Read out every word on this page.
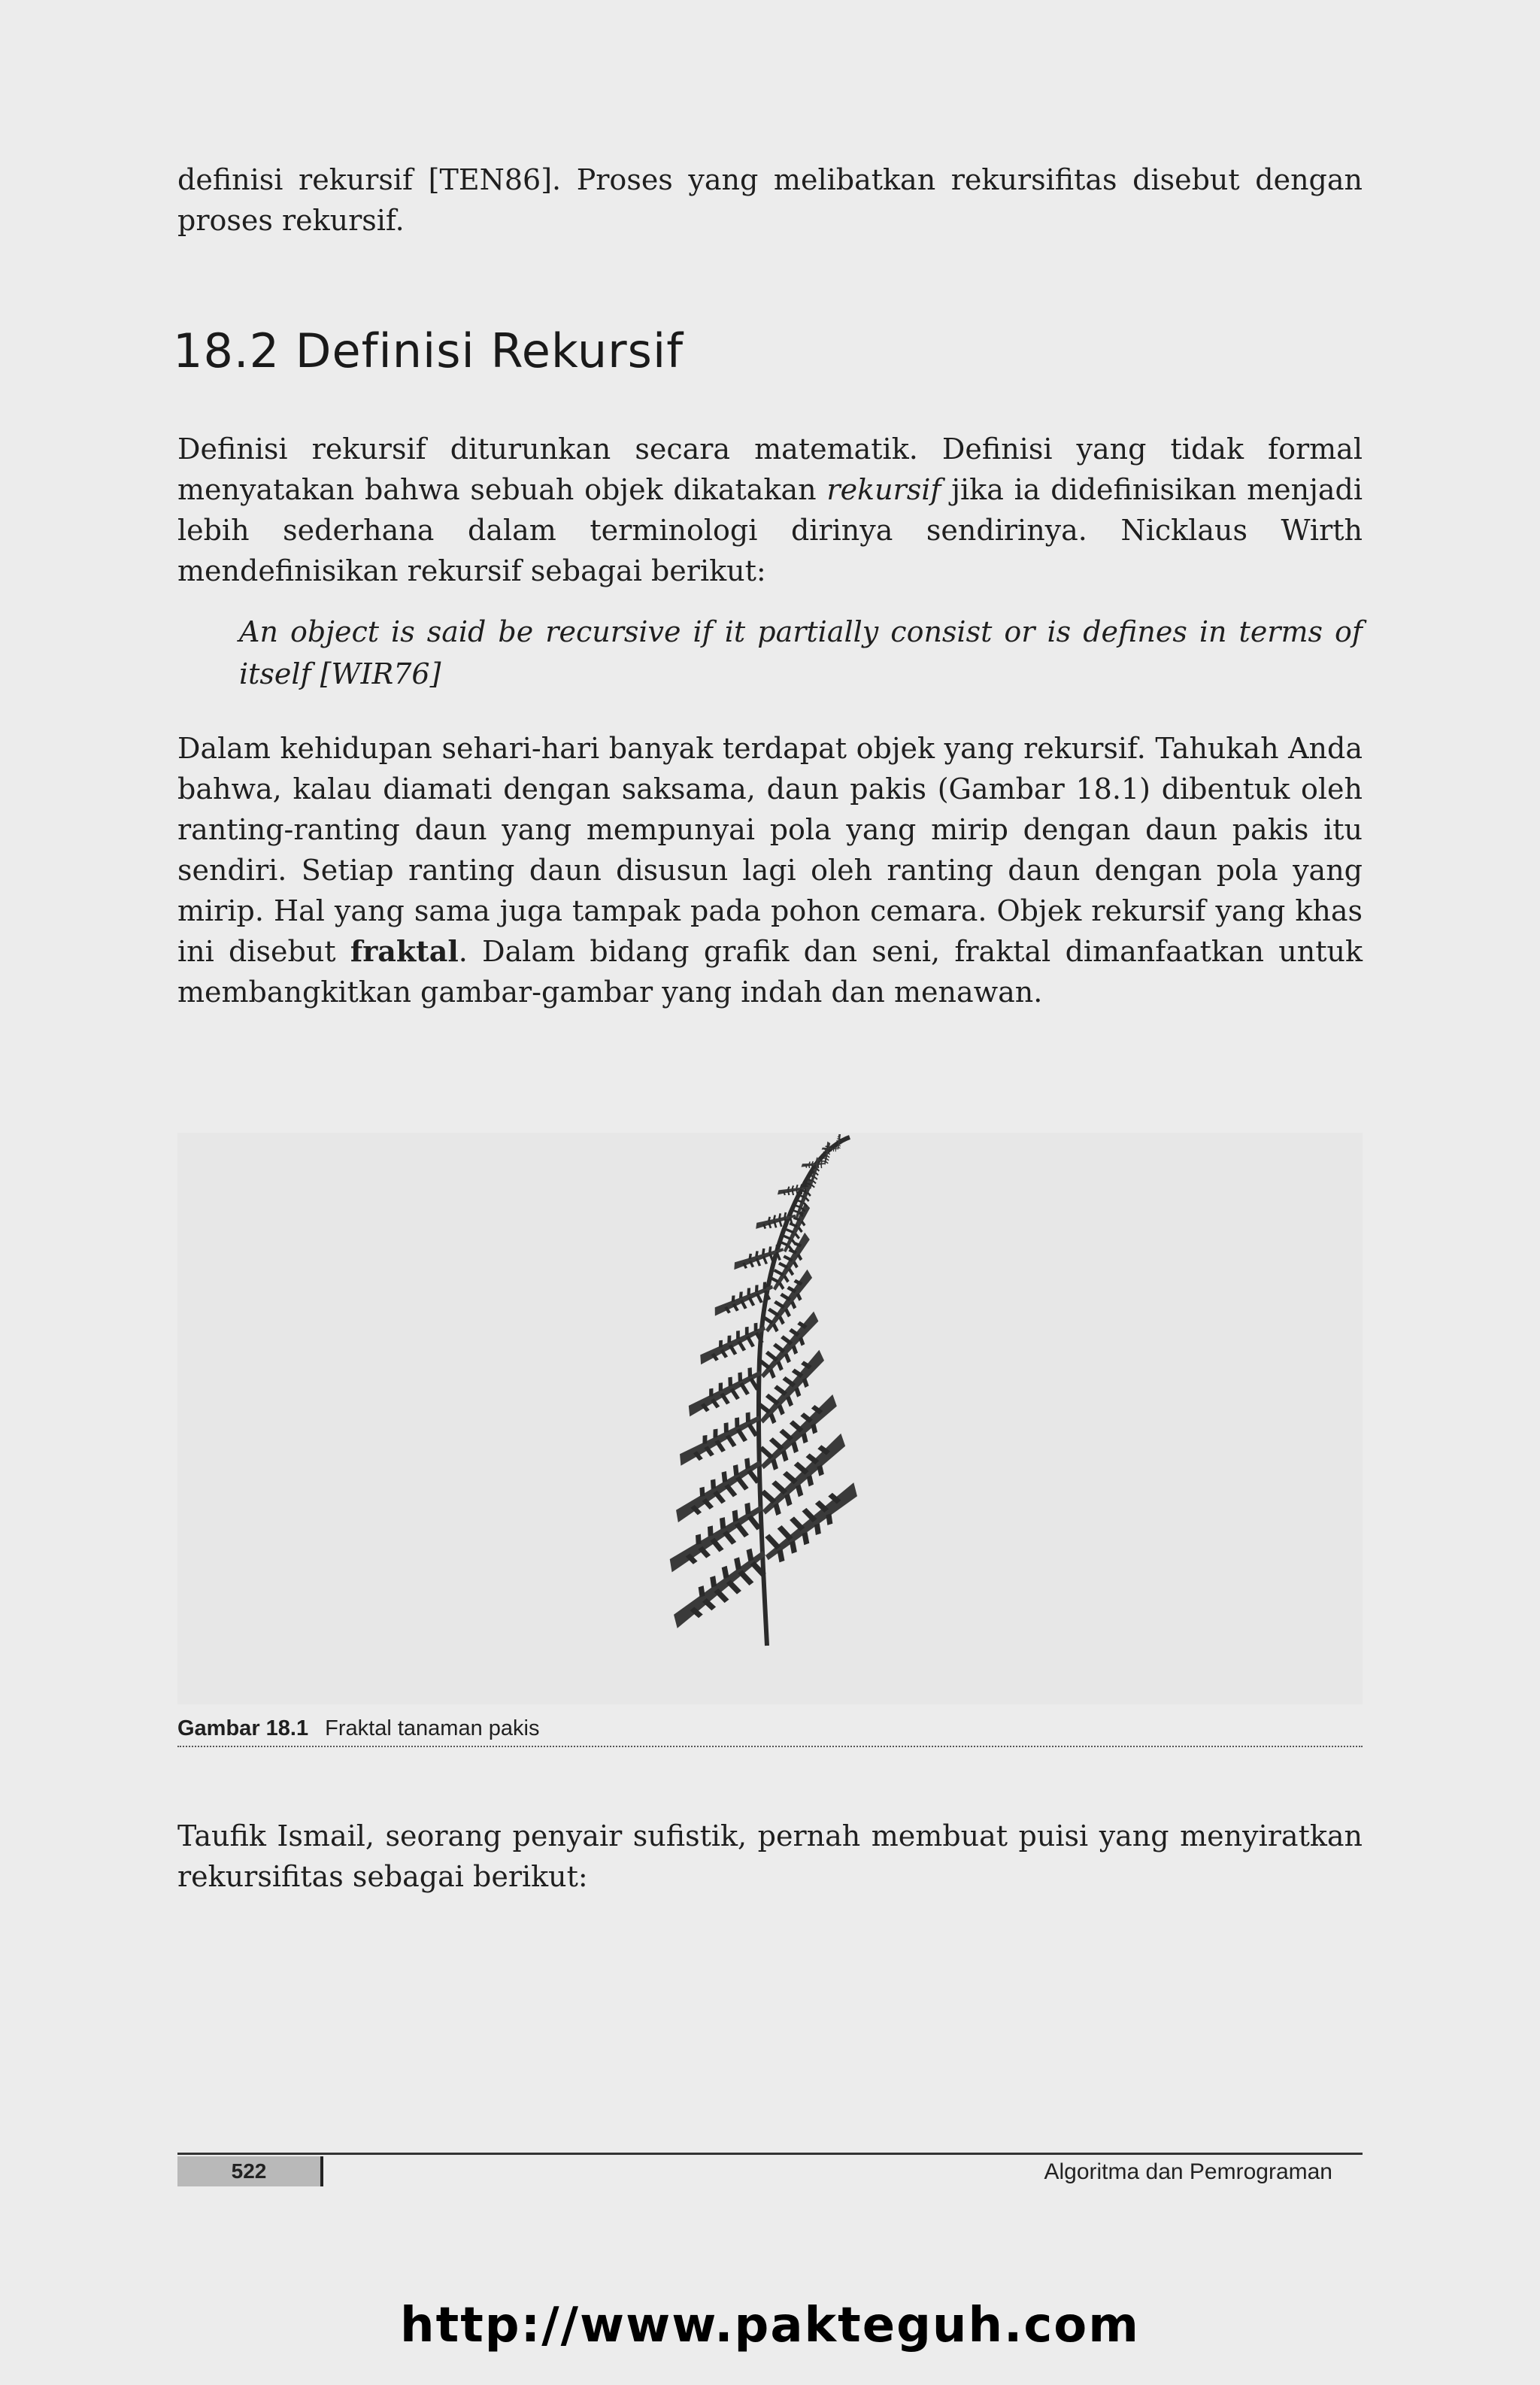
definisi rekursif [TEN86]. Proses yang melibatkan rekursifitas disebut dengan proses rekursif.

18.2 Definisi Rekursif

Definisi rekursif diturunkan secara matematik. Definisi yang tidak formal menyatakan bahwa sebuah objek dikatakan rekursif jika ia didefinisikan menjadi lebih sederhana dalam terminologi dirinya sendirinya. Nicklaus Wirth mendefinisikan rekursif sebagai berikut:

An object is said be recursive if it partially consist or is defines in terms of itself [WIR76]

Dalam kehidupan sehari-hari banyak terdapat objek yang rekursif. Tahukah Anda bahwa, kalau diamati dengan saksama, daun pakis (Gambar 18.1) dibentuk oleh ranting-ranting daun yang mempunyai pola yang mirip dengan daun pakis itu sendiri. Setiap ranting daun disusun lagi oleh ranting daun dengan pola yang mirip. Hal yang sama juga tampak pada pohon cemara. Objek rekursif yang khas ini disebut fraktal. Dalam bidang grafik dan seni, fraktal dimanfaatkan untuk membangkitkan gambar-gambar yang indah dan menawan.

Gambar 18.1 Fraktal tanaman pakis

Taufik Ismail, seorang penyair sufistik, pernah membuat puisi yang menyiratkan rekursifitas sebagai berikut:

522	Algoritma dan Pemrograman
http://www.pakteguh.com
